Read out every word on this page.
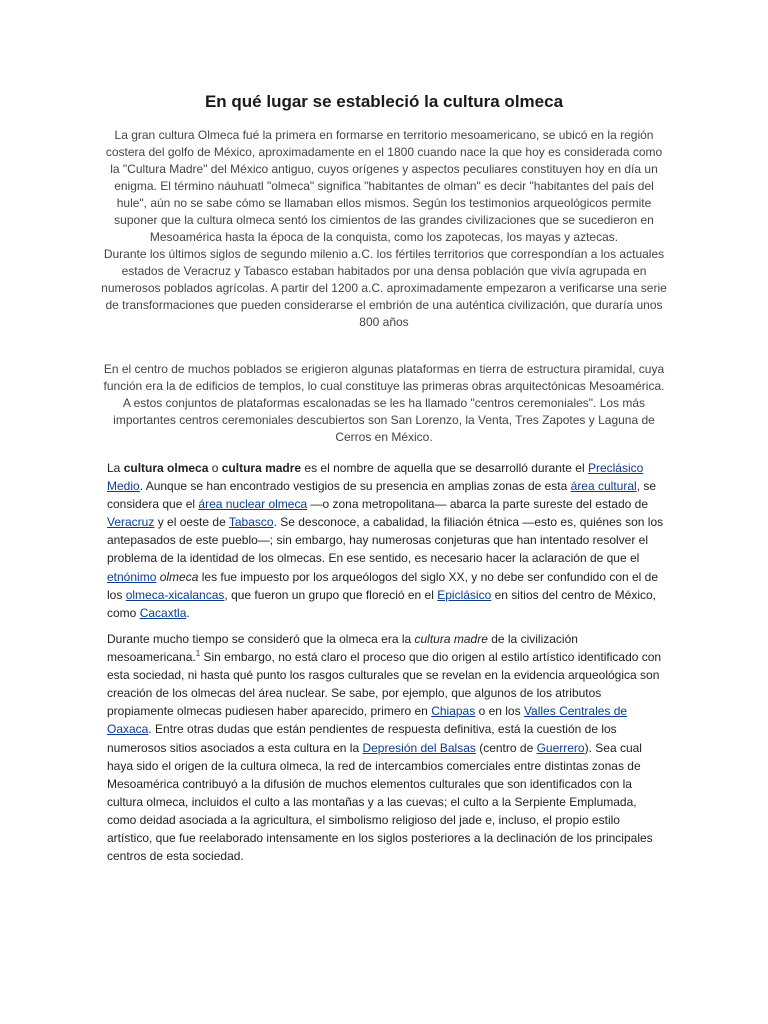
En qué lugar se estableció la cultura olmeca

La gran cultura Olmeca fué la primera en formarse en territorio mesoamericano, se ubicó en la región costera del golfo de México, aproximadamente en el 1800 cuando nace la que hoy es considerada como la "Cultura Madre" del México antiguo, cuyos orígenes y aspectos peculiares constituyen hoy en día un enigma. El término náuhuatl "olmeca" significa "habitantes de olman" es decir "habitantes del país del hule", aún no se sabe cómo se llamaban ellos mismos. Según los testimonios arqueológicos permite suponer que la cultura olmeca sentó los cimientos de las grandes civilizaciones que se sucedieron en Mesoamérica hasta la época de la conquista, como los zapotecas, los mayas y aztecas.

Durante los últimos siglos de segundo milenio a.C. los fértiles territorios que correspondían a los actuales estados de Veracruz y Tabasco estaban habitados por una densa población que vivía agrupada en numerosos poblados agrícolas. A partir del 1200 a.C. aproximadamente empezaron a verificarse una serie de transformaciones que pueden considerarse el embrión de una auténtica civilización, que duraría unos 800 años

En el centro de muchos poblados se erigieron algunas plataformas en tierra de estructura piramidal, cuya función era la de edificios de templos, lo cual constituye las primeras obras arquitectónicas Mesoamérica. A estos conjuntos de plataformas escalonadas se les ha llamado "centros ceremoniales". Los más importantes centros ceremoniales descubiertos son San Lorenzo, la Venta, Tres Zapotes y Laguna de Cerros en México.

La cultura olmeca o cultura madre es el nombre de aquella que se desarrolló durante el Preclásico Medio. Aunque se han encontrado vestigios de su presencia en amplias zonas de esta área cultural, se considera que el área nuclear olmeca —o zona metropolitana— abarca la parte sureste del estado de Veracruz y el oeste de Tabasco. Se desconoce, a cabalidad, la filiación étnica —esto es, quiénes son los antepasados de este pueblo—; sin embargo, hay numerosas conjeturas que han intentado resolver el problema de la identidad de los olmecas. En ese sentido, es necesario hacer la aclaración de que el etnónimo olmeca les fue impuesto por los arqueólogos del siglo XX, y no debe ser confundido con el de los olmeca-xicalancas, que fueron un grupo que floreció en el Epiclásico en sitios del centro de México, como Cacaxtla.

Durante mucho tiempo se consideró que la olmeca era la cultura madre de la civilización mesoamericana.$^1$ Sin embargo, no está claro el proceso que dio origen al estilo artístico identificado con esta sociedad, ni hasta qué punto los rasgos culturales que se revelan en la evidencia arqueológica son creación de los olmecas del área nuclear. Se sabe, por ejemplo, que algunos de los atributos propiamente olmecas pudiesen haber aparecido, primero en Chiapas o en los Valles Centrales de Oaxaca. Entre otras dudas que están pendientes de respuesta definitiva, está la cuestión de los numerosos sitios asociados a esta cultura en la Depresión del Balsas (centro de Guerrero). Sea cual haya sido el origen de la cultura olmeca, la red de intercambios comerciales entre distintas zonas de Mesoamérica contribuyó a la difusión de muchos elementos culturales que son identificados con la cultura olmeca, incluidos el culto a las montañas y a las cuevas; el culto a la Serpiente Emplumada, como deidad asociada a la agricultura, el simbolismo religioso del jade e, incluso, el propio estilo artístico, que fue reelaborado intensamente en los siglos posteriores a la declinación de los principales centros de esta sociedad.
